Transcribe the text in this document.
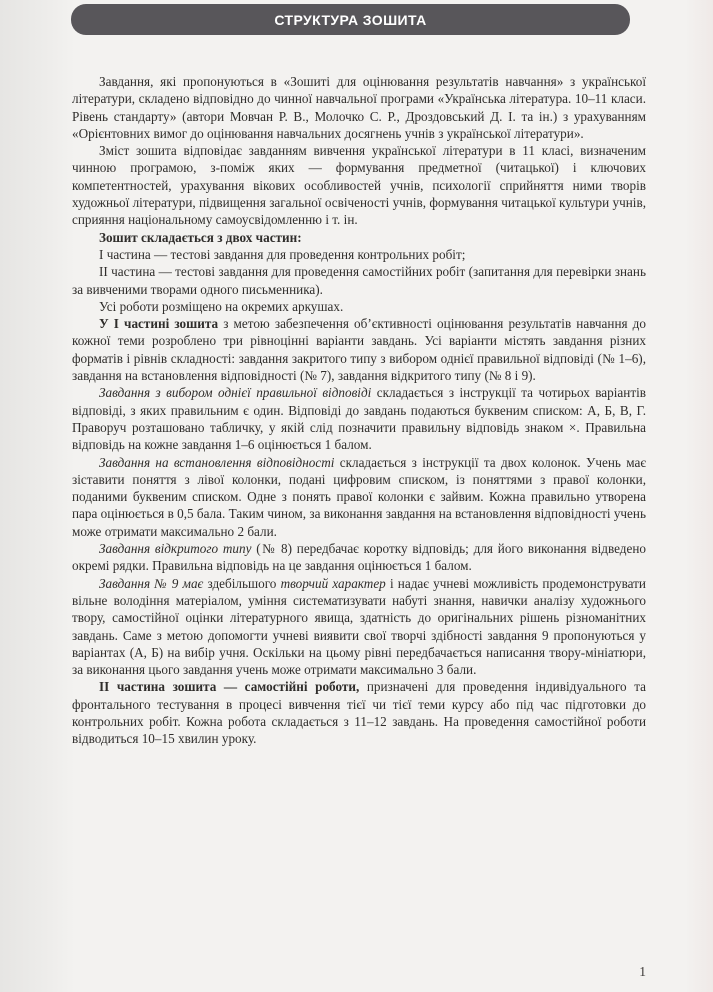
СТРУКТУРА ЗОШИТА

Завдання, які пропонуються в «Зошиті для оцінювання результатів навчання» з української літератури, складено відповідно до чинної навчальної програми «Українська література. 10–11 класи. Рівень стандарту» (автори Мовчан Р. В., Молочко С. Р., Дроздовський Д. І. та ін.) з урахуванням «Орієнтовних вимог до оцінювання навчальних досягнень учнів з української літератури».

Зміст зошита відповідає завданням вивчення української літератури в 11 класі, визначеним чинною програмою, з-поміж яких — формування предметної (читацької) і ключових компетентностей, урахування вікових особливостей учнів, психології сприйняття ними творів художньої літератури, підвищення загальної освіченості учнів, формування читацької культури учнів, сприяння національному самоусвідомленню і т. ін.

Зошит складається з двох частин:

І частина — тестові завдання для проведення контрольних робіт;

ІІ частина — тестові завдання для проведення самостійних робіт (запитання для перевірки знань за вивченими творами одного письменника).

Усі роботи розміщено на окремих аркушах.

У І частині зошита з метою забезпечення об’єктивності оцінювання результатів навчання до кожної теми розроблено три рівноцінні варіанти завдань. Усі варіанти містять завдання різних форматів і рівнів складності: завдання закритого типу з вибором однієї правильної відповіді (№ 1–6), завдання на встановлення відповідності (№ 7), завдання відкритого типу (№ 8 і 9).

Завдання з вибором однієї правильної відповіді складається з інструкції та чотирьох варіантів відповіді, з яких правильним є один. Відповіді до завдань подаються буквеним списком: А, Б, В, Г. Праворуч розташовано табличку, у якій слід позначити правильну відповідь знаком ×. Правильна відповідь на кожне завдання 1–6 оцінюється 1 балом.

Завдання на встановлення відповідності складається з інструкції та двох колонок. Учень має зіставити поняття з лівої колонки, подані цифровим списком, із поняттями з правої колонки, поданими буквеним списком. Одне з понять правої колонки є зайвим. Кожна правильно утворена пара оцінюється в 0,5 бала. Таким чином, за виконання завдання на встановлення відповідності учень може отримати максимально 2 бали.

Завдання відкритого типу (№ 8) передбачає коротку відповідь; для його виконання відведено окремі рядки. Правильна відповідь на це завдання оцінюється 1 балом.

Завдання № 9 має здебільшого творчий характер і надає учневі можливість продемонструвати вільне володіння матеріалом, уміння систематизувати набуті знання, навички аналізу художнього твору, самостійної оцінки літературного явища, здатність до оригінальних рішень різноманітних завдань. Саме з метою допомогти учневі виявити свої творчі здібності завдання 9 пропонуються у варіантах (А, Б) на вибір учня. Оскільки на цьому рівні передбачається написання твору-мініатюри, за виконання цього завдання учень може отримати максимально 3 бали.

ІІ частина зошита — самостійні роботи, призначені для проведення індивідуального та фронтального тестування в процесі вивчення тієї чи тієї теми курсу або під час підготовки до контрольних робіт. Кожна робота складається з 11–12 завдань. На проведення самостійної роботи відводиться 10–15 хвилин уроку.

1
